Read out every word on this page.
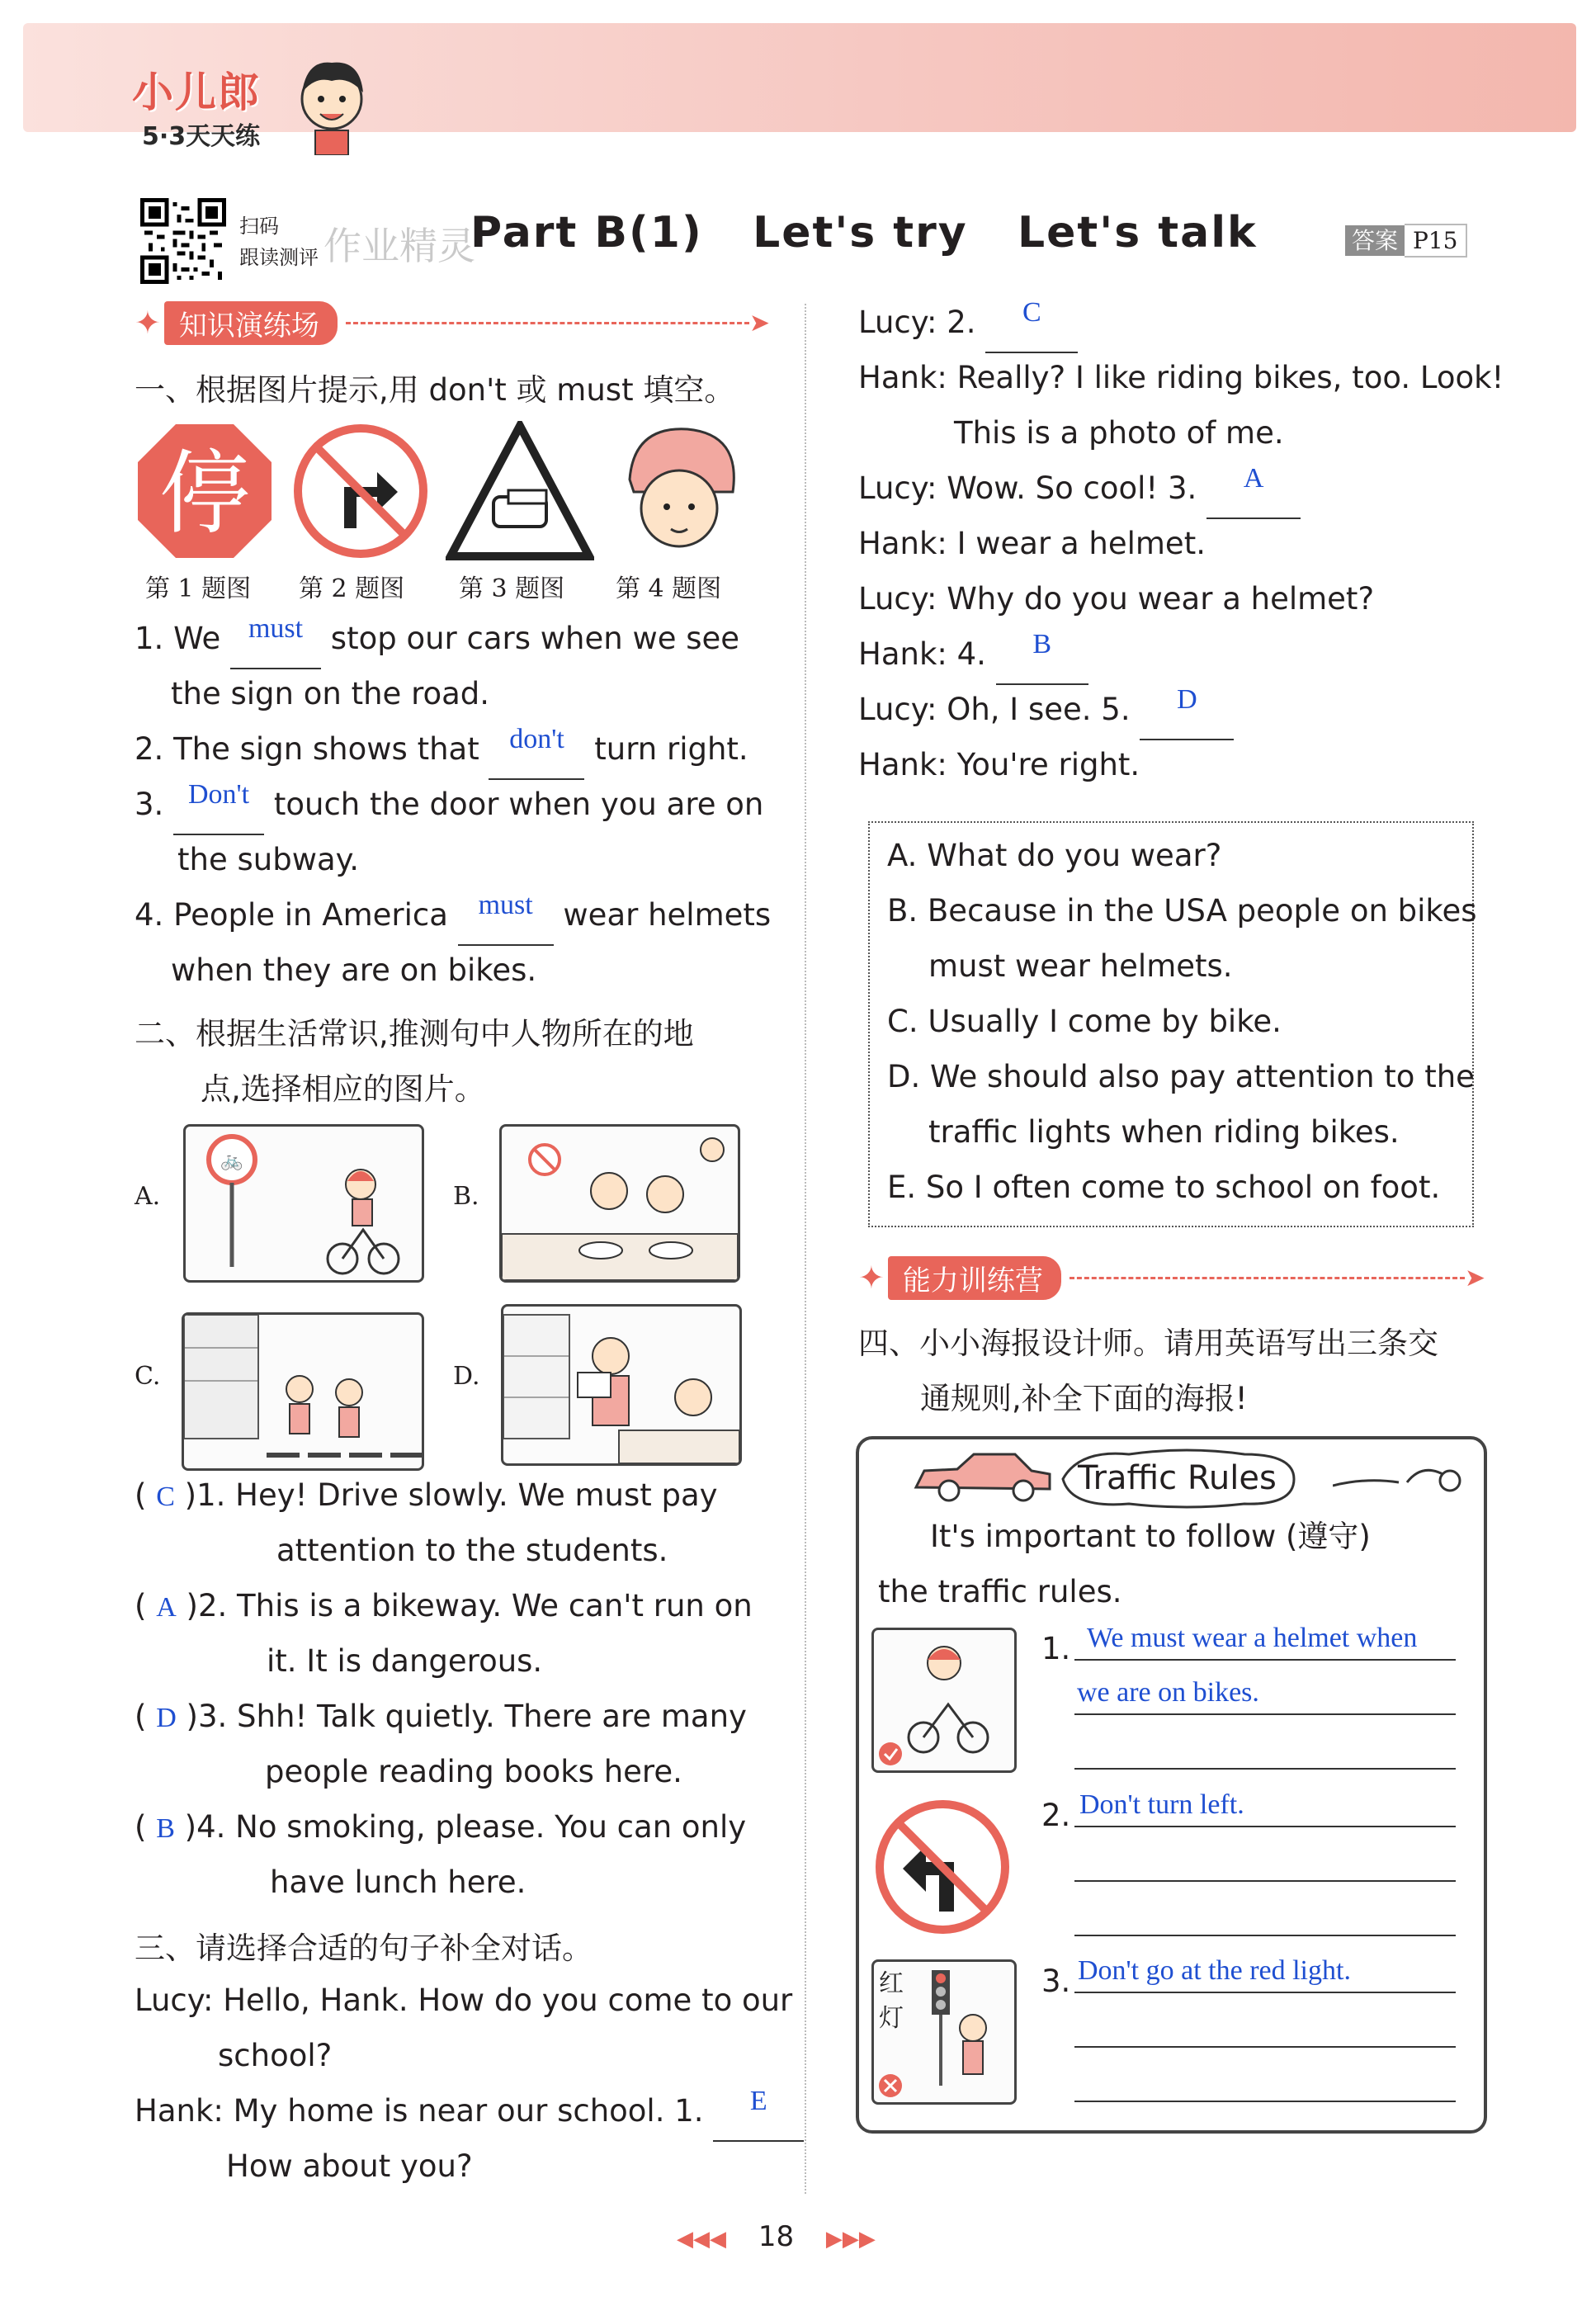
小儿郎
5·3天天练
扫码
跟读测评 作业精灵
Part B(1)   Let's try   Let's talk	答案 P15
✦ 知识演练场	➤
一、根据图片提示,用 don't 或 must 填空。
停
第 1 题图 第 2 题图 第 3 题图 第 4 题图
1. We must stop our cars when we see
the sign on the road.
2. The sign shows that don't turn right.
3. Don't touch the door when you are on
the subway.
4. People in America must wear helmets
when they are on bikes.
二、根据生活常识,推测句中人物所在的地
点,选择相应的图片。
A.
🚲
B.
C.	D.
( C )1. Hey! Drive slowly. We must pay
attention to the students.
( A )2. This is a bikeway. We can't run on
it. It is dangerous.
( D )3. Shh! Talk quietly. There are many
people reading books here.
( B )4. No smoking, please. You can only
have lunch here.
三、请选择合适的句子补全对话。
Lucy: Hello, Hank. How do you come to our
school?
Hank: My home is near our school. 1. E
How about you?
Lucy: 2. C
Hank: Really? I like riding bikes, too. Look!
This is a photo of me.
Lucy: Wow. So cool! 3. A
Hank: I wear a helmet.
Lucy: Why do you wear a helmet?
Hank: 4. B
Lucy: Oh, I see. 5. D
Hank: You're right.
A. What do you wear?
B. Because in the USA people on bikes
must wear helmets.
C. Usually I come by bike.
D. We should also pay attention to the
traffic lights when riding bikes.
E. So I often come to school on foot.
✦ 能力训练营	➤
四、小小海报设计师。请用英语写出三条交
通规则,补全下面的海报!
Traffic Rules
It's important to follow (遵守)
the traffic rules.
1. We must wear a helmet when
we are on bikes.
2. Don't turn left.
红
灯
3. Don't go at the red light.
◀◀◀ 18 ▶▶▶
